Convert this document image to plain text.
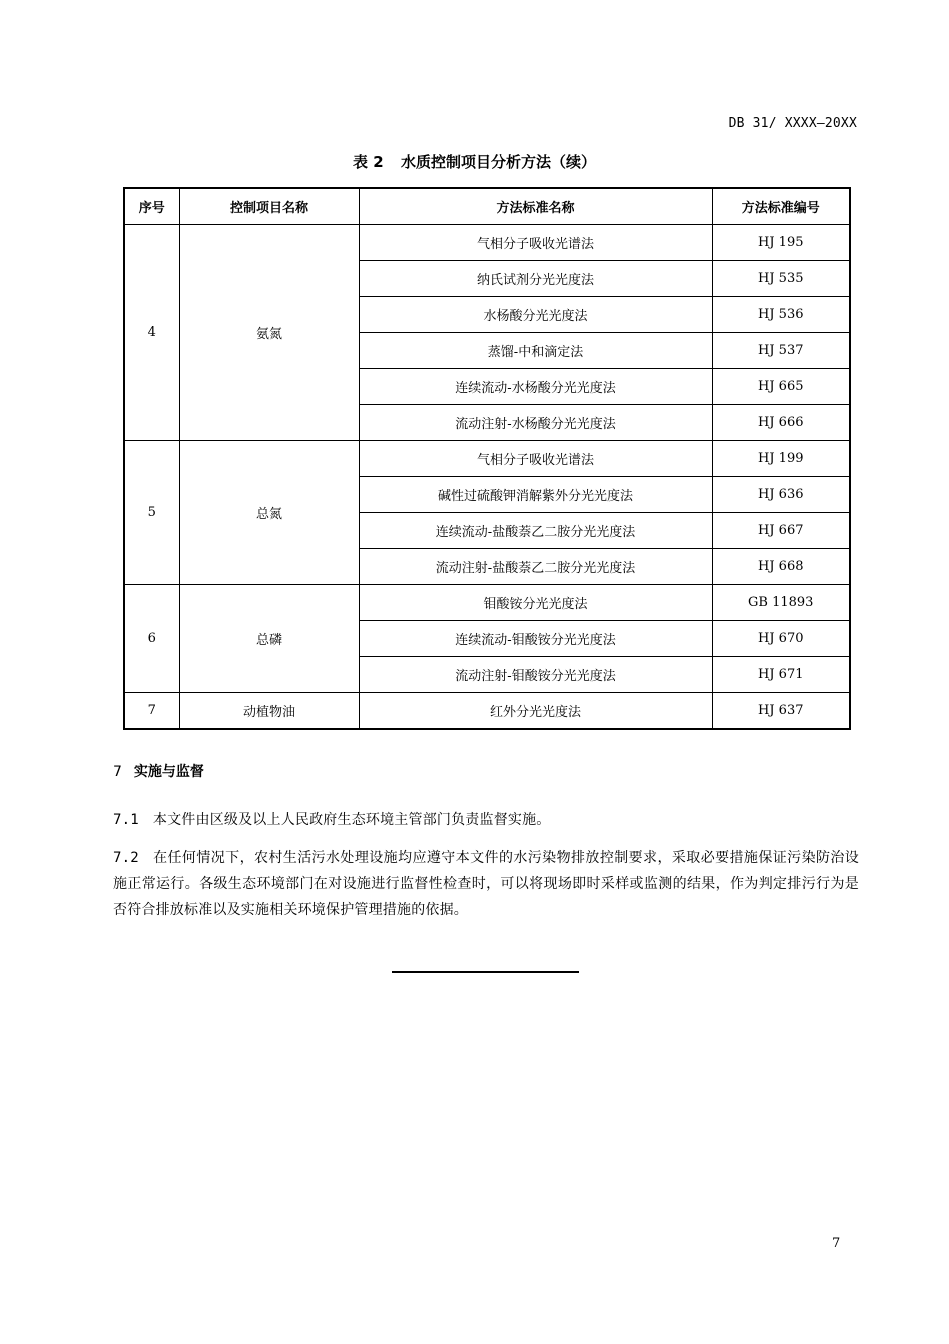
DB 31/ XXXX—20XX
表 2 水质控制项目分析方法（续）
序号	控制项目名称	方法标准名称	方法标准编号
4	氨氮	气相分子吸收光谱法	HJ 195
		纳氏试剂分光光度法	HJ 535
		水杨酸分光光度法	HJ 536
		蒸馏-中和滴定法	HJ 537
		连续流动-水杨酸分光光度法	HJ 665
		流动注射-水杨酸分光光度法	HJ 666
5	总氮	气相分子吸收光谱法	HJ 199
		碱性过硫酸钾消解紫外分光光度法	HJ 636
		连续流动-盐酸萘乙二胺分光光度法	HJ 667
		流动注射-盐酸萘乙二胺分光光度法	HJ 668
6	总磷	钼酸铵分光光度法	GB 11893
		连续流动-钼酸铵分光光度法	HJ 670
		流动注射-钼酸铵分光光度法	HJ 671
7	动植物油	红外分光光度法	HJ 637
7 实施与监督
7.1 本文件由区级及以上人民政府生态环境主管部门负责监督实施。
7.2 在任何情况下，农村生活污水处理设施均应遵守本文件的水污染物排放控制要求，采取必要措施保证污染防治设施正常运行。各级生态环境部门在对设施进行监督性检查时，可以将现场即时采样或监测的结果，作为判定排污行为是否符合排放标准以及实施相关环境保护管理措施的依据。
7
